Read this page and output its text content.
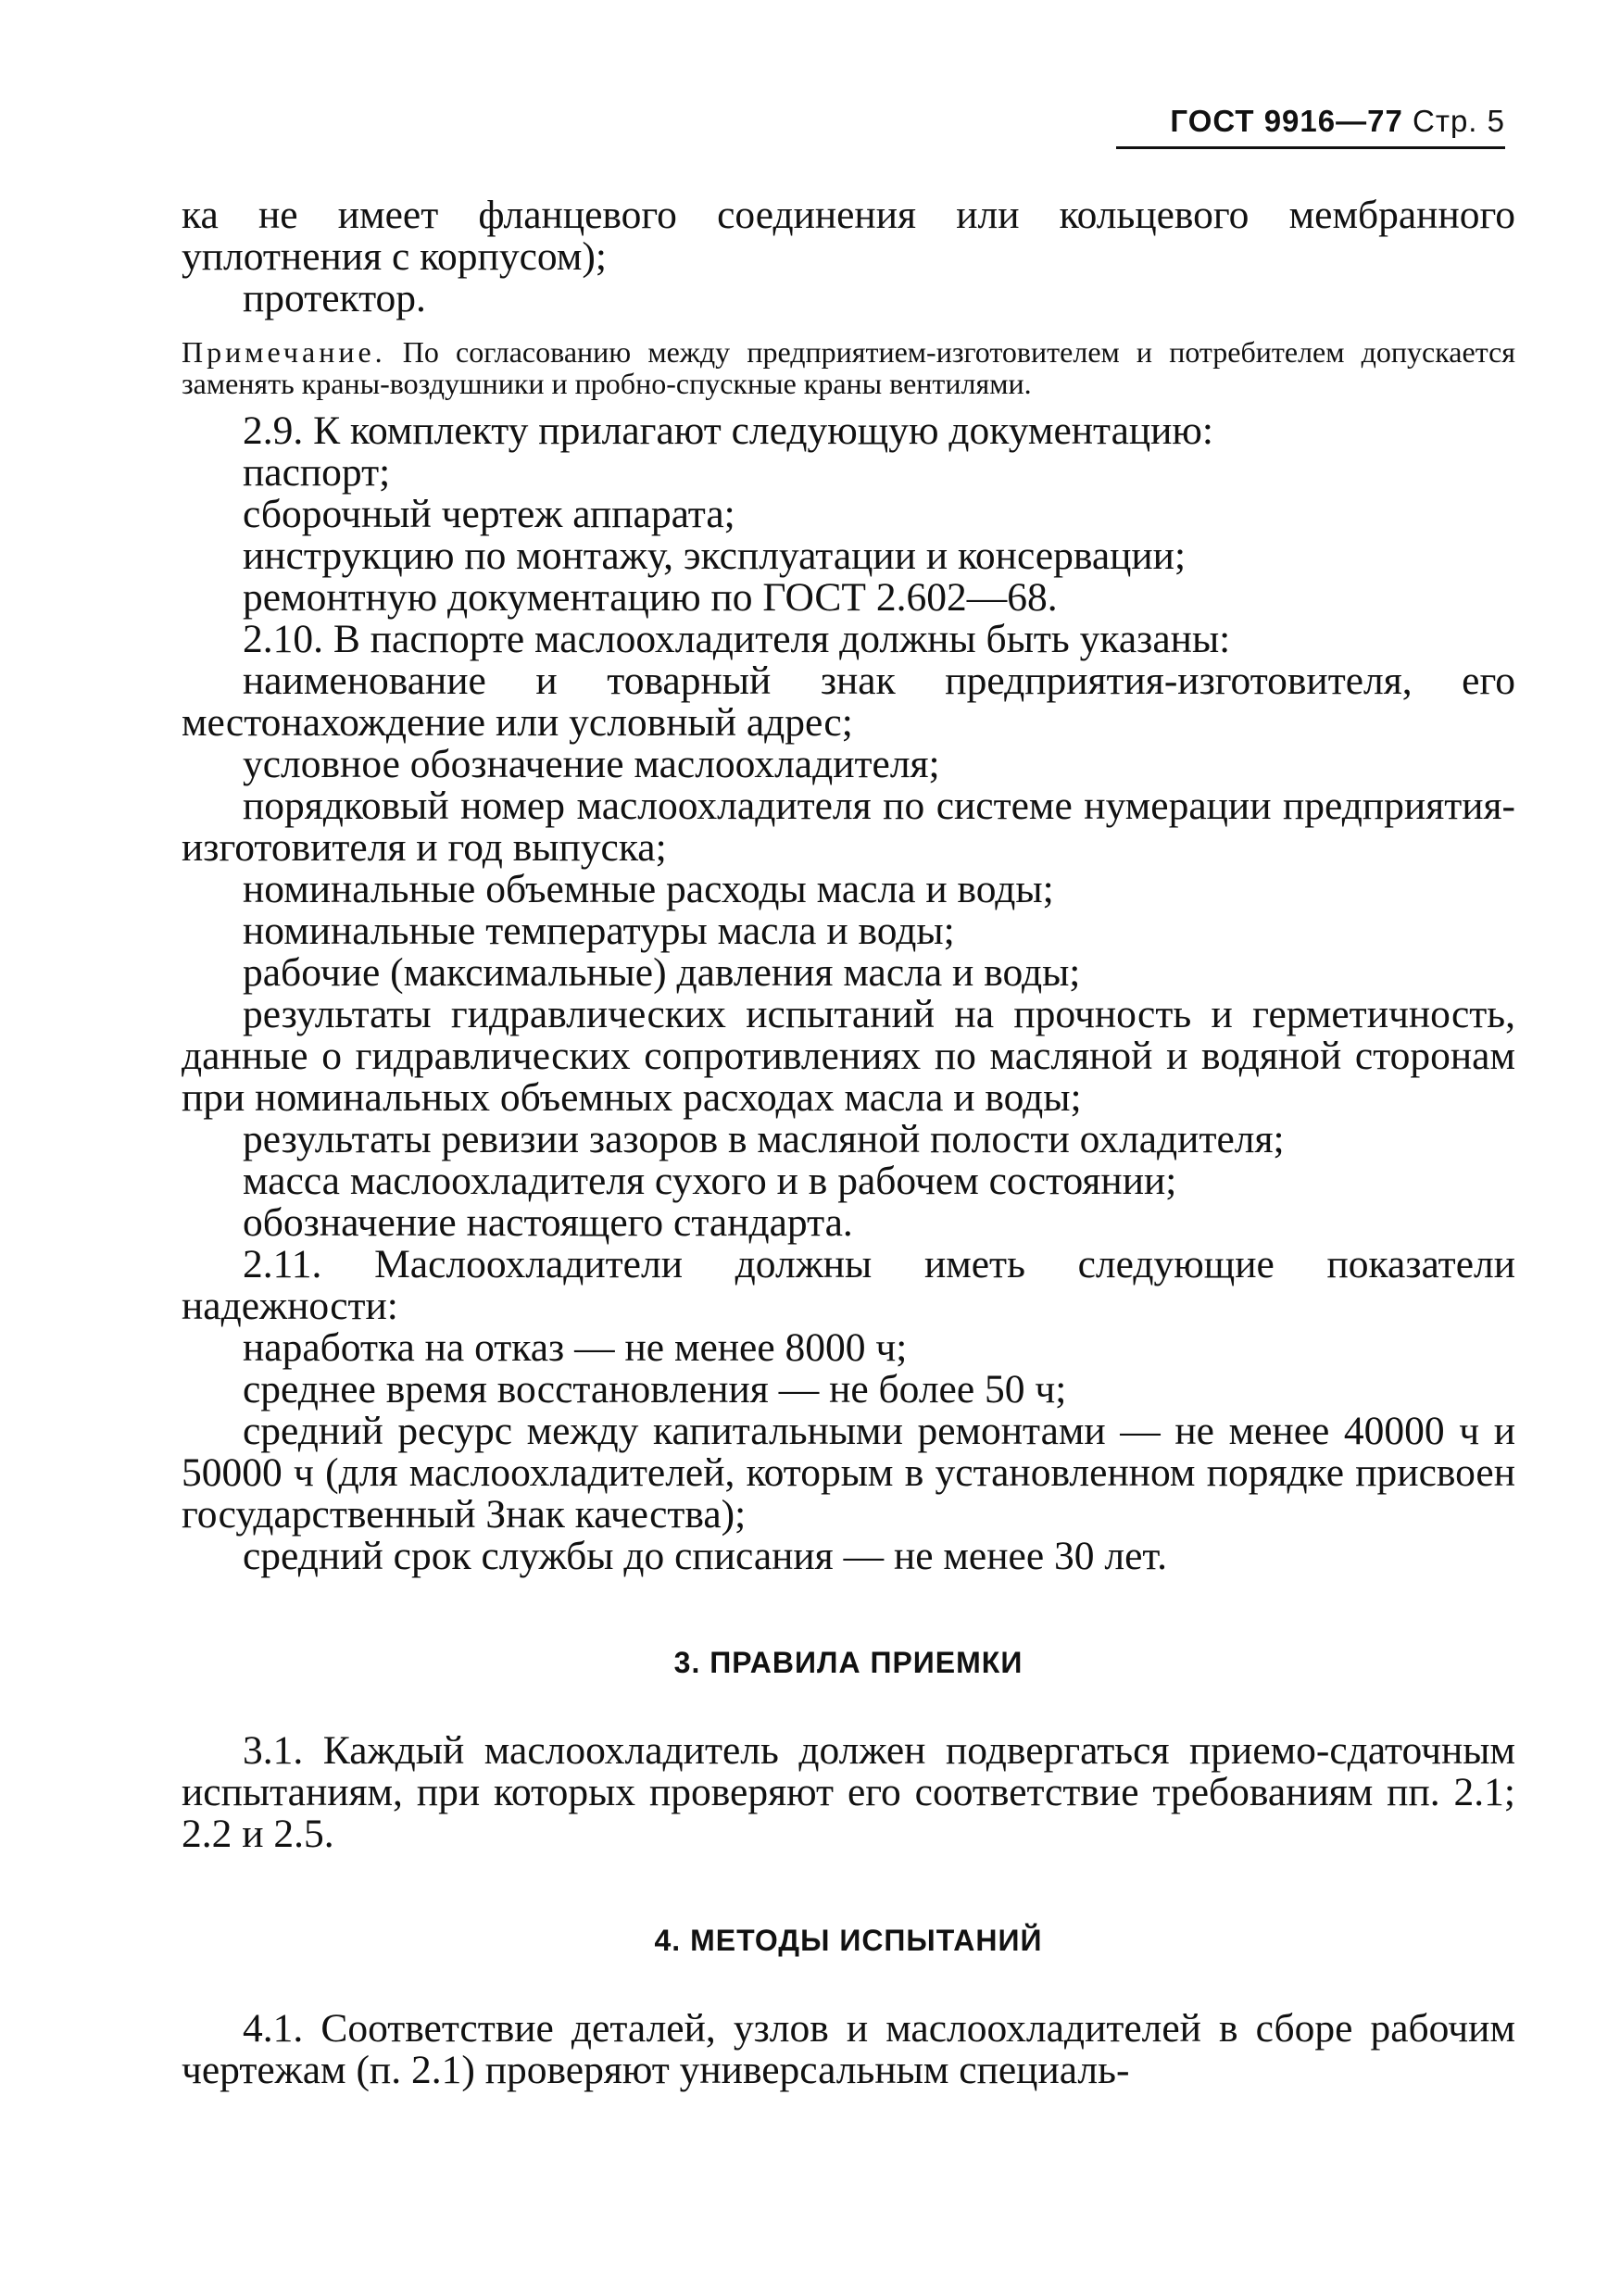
ГОСТ 9916—77 Стр. 5

ка не имеет фланцевого соединения или кольцевого мембранного уплотнения с корпусом);

протектор.

Примечание. По согласованию между предприятием-изготовителем и потребителем допускается заменять краны-воздушники и пробно-спускные краны вентилями.

2.9. К комплекту прилагают следующую документацию:

паспорт;

сборочный чертеж аппарата;

инструкцию по монтажу, эксплуатации и консервации;

ремонтную документацию по ГОСТ 2.602—68.

2.10. В паспорте маслоохладителя должны быть указаны:

наименование и товарный знак предприятия-изготовителя, его местонахождение или условный адрес;

условное обозначение маслоохладителя;

порядковый номер маслоохладителя по системе нумерации предприятия-изготовителя и год выпуска;

номинальные объемные расходы масла и воды;

номинальные температуры масла и воды;

рабочие (максимальные) давления масла и воды;

результаты гидравлических испытаний на прочность и герметичность, данные о гидравлических сопротивлениях по масляной и водяной сторонам при номинальных объемных расходах масла и воды;

результаты ревизии зазоров в масляной полости охладителя;

масса маслоохладителя сухого и в рабочем состоянии;

обозначение настоящего стандарта.

2.11. Маслоохладители должны иметь следующие показатели надежности:

наработка на отказ — не менее 8000 ч;

среднее время восстановления — не более 50 ч;

средний ресурс между капитальными ремонтами — не менее 40000 ч и 50000 ч (для маслоохладителей, которым в установленном порядке присвоен государственный Знак качества);

средний срок службы до списания — не менее 30 лет.

3. ПРАВИЛА ПРИЕМКИ

3.1. Каждый маслоохладитель должен подвергаться приемо-сдаточным испытаниям, при которых проверяют его соответствие требованиям пп. 2.1; 2.2 и 2.5.

4. МЕТОДЫ ИСПЫТАНИЙ

4.1. Соответствие деталей, узлов и маслоохладителей в сборе рабочим чертежам (п. 2.1) проверяют универсальным специаль-
